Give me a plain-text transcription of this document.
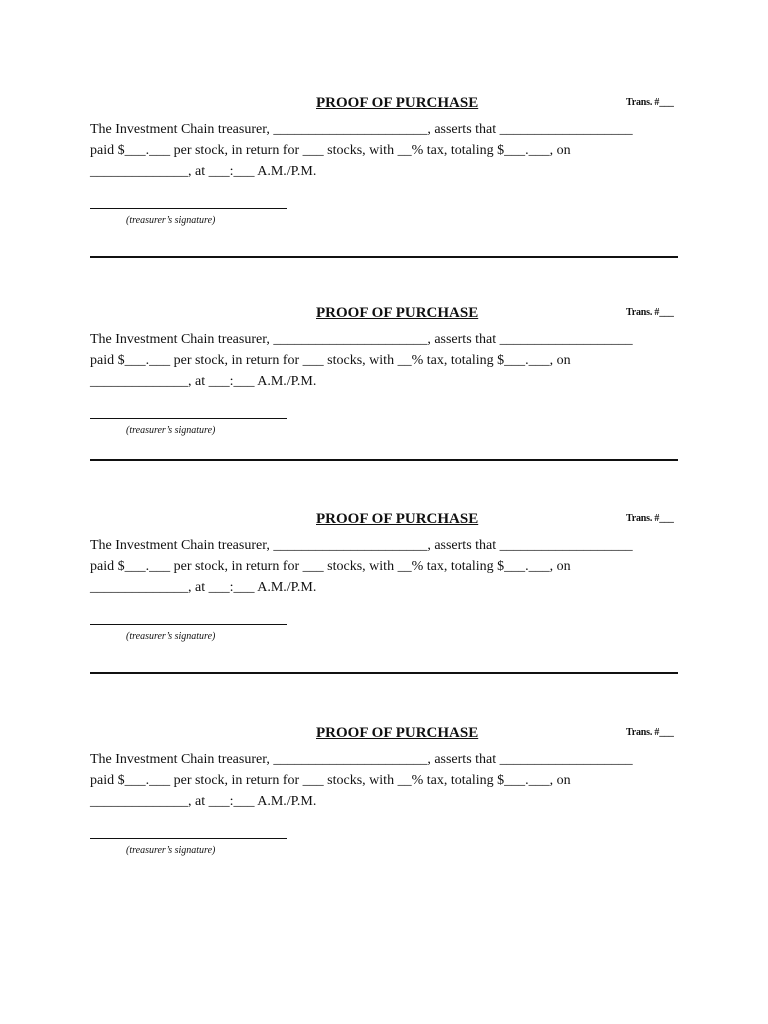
PROOF OF PURCHASE	Trans. #___
The Investment Chain treasurer, ______________________, asserts that ___________________
paid $___.___ per stock, in return for ___ stocks, with __% tax, totaling $___.___, on
______________, at ___:___ A.M./P.M.
(treasurer’s signature)
PROOF OF PURCHASE	Trans. #___
The Investment Chain treasurer, ______________________, asserts that ___________________
paid $___.___ per stock, in return for ___ stocks, with __% tax, totaling $___.___, on
______________, at ___:___ A.M./P.M.
(treasurer’s signature)
PROOF OF PURCHASE	Trans. #___
The Investment Chain treasurer, ______________________, asserts that ___________________
paid $___.___ per stock, in return for ___ stocks, with __% tax, totaling $___.___, on
______________, at ___:___ A.M./P.M.
(treasurer’s signature)
PROOF OF PURCHASE	Trans. #___
The Investment Chain treasurer, ______________________, asserts that ___________________
paid $___.___ per stock, in return for ___ stocks, with __% tax, totaling $___.___, on
______________, at ___:___ A.M./P.M.
(treasurer’s signature)
